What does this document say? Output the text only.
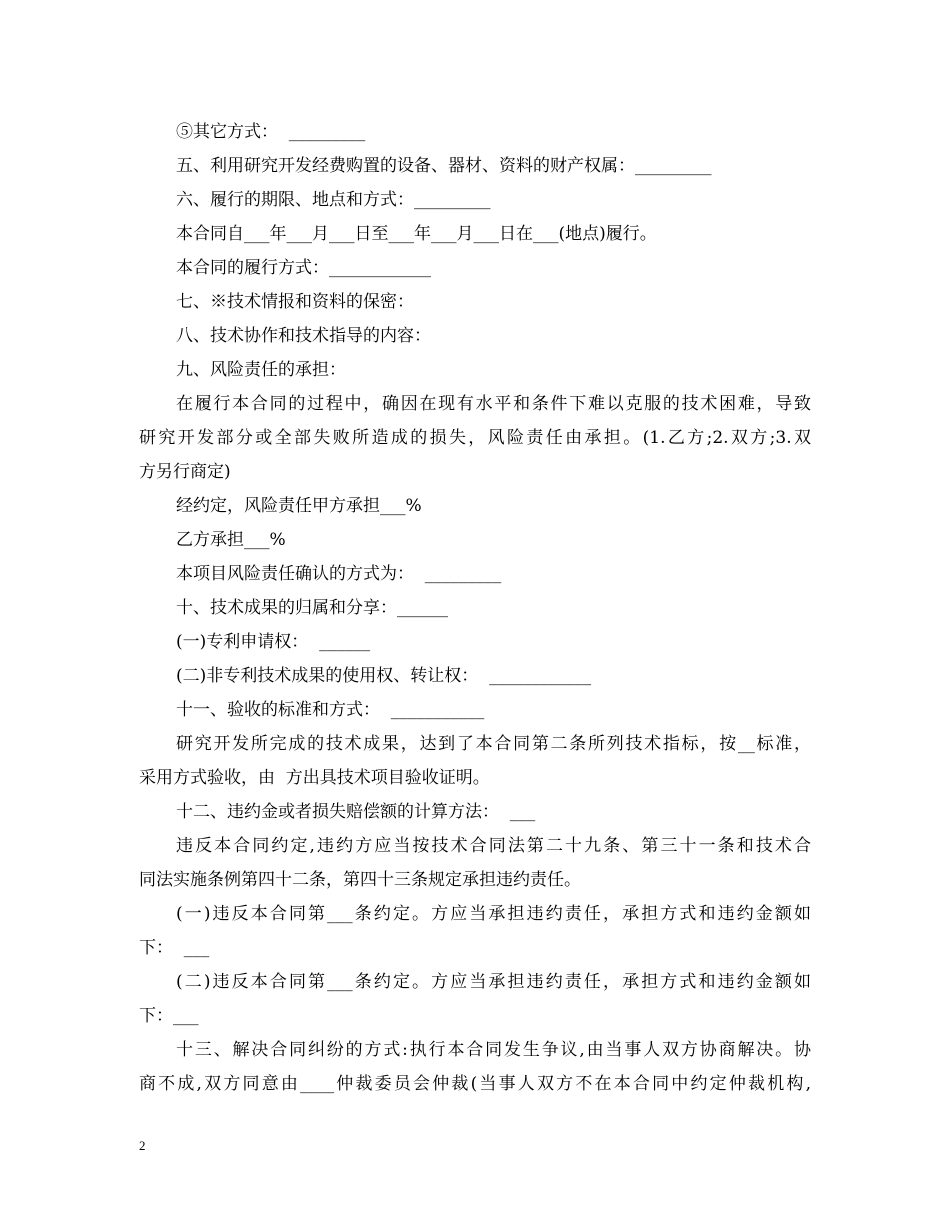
⑤其它方式：  _________
五、利用研究开发经费购置的设备、器材、资料的财产权属：_________
六、履行的期限、地点和方式：_________
本合同自___年___月___日至___年___月___日在___(地点)履行。
本合同的履行方式：____________
七、※技术情报和资料的保密：
八、技术协作和技术指导的内容：
九、风险责任的承担：
在履行本合同的过程中，确因在现有水平和条件下难以克服的技术困难，导致
研究开发部分或全部失败所造成的损失，风险责任由承担。(1.乙方;2.双方;3.双
方另行商定)
经约定，风险责任甲方承担___%
乙方承担___%
本项目风险责任确认的方式为：  _________
十、技术成果的归属和分享：______
(一)专利申请权：  ______
(二)非专利技术成果的使用权、转让权：  ____________
十一、验收的标准和方式：  ___________
研究开发所完成的技术成果，达到了本合同第二条所列技术指标，按__标准，
采用方式验收，由  方出具技术项目验收证明。
十二、违约金或者损失赔偿额的计算方法：  ___
违反本合同约定,违约方应当按技术合同法第二十九条、第三十一条和技术合
同法实施条例第四十二条，第四十三条规定承担违约责任。
(一)违反本合同第___条约定。方应当承担违约责任，承担方式和违约金额如
下：  ___
(二)违反本合同第___条约定。方应当承担违约责任，承担方式和违约金额如
下：___
十三、解决合同纠纷的方式:执行本合同发生争议,由当事人双方协商解决。协
商不成,双方同意由____仲裁委员会仲裁(当事人双方不在本合同中约定仲裁机构,
2
